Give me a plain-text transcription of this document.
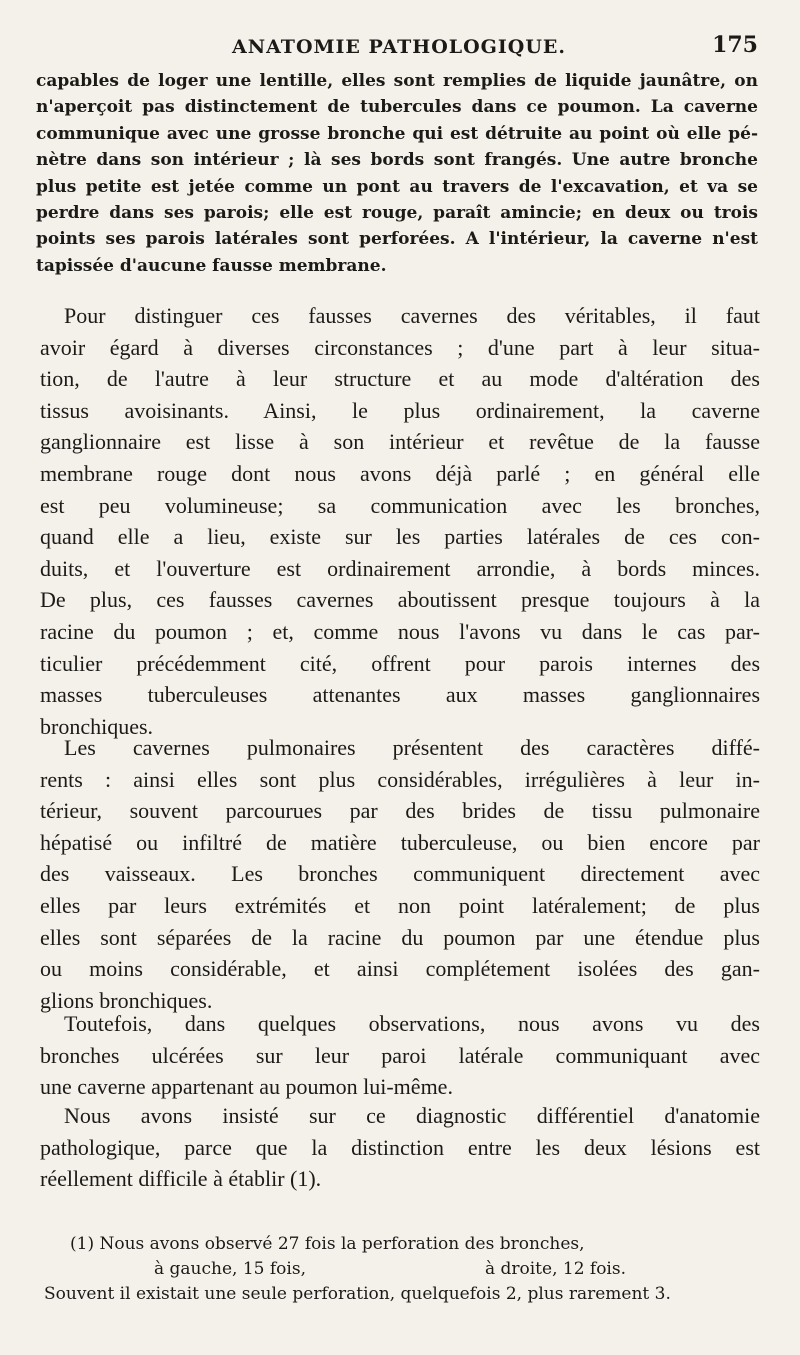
ANATOMIE PATHOLOGIQUE.	175
capables de loger une lentille, elles sont remplies de liquide jaunâtre, on
n'aperçoit pas distinctement de tubercules dans ce poumon. La caverne
communique avec une grosse bronche qui est détruite au point où elle pé-
nètre dans son intérieur ; là ses bords sont frangés. Une autre bronche
plus petite est jetée comme un pont au travers de l'excavation, et va se
perdre dans ses parois; elle est rouge, paraît amincie; en deux ou trois
points ses parois latérales sont perforées. A l'intérieur, la caverne n'est
tapissée d'aucune fausse membrane.
Pour distinguer ces fausses cavernes des véritables, il faut
avoir égard à diverses circonstances ; d'une part à leur situa-
tion, de l'autre à leur structure et au mode d'altération des
tissus avoisinants. Ainsi, le plus ordinairement, la caverne
ganglionnaire est lisse à son intérieur et revêtue de la fausse
membrane rouge dont nous avons déjà parlé ; en général elle
est peu volumineuse; sa communication avec les bronches,
quand elle a lieu, existe sur les parties latérales de ces con-
duits, et l'ouverture est ordinairement arrondie, à bords minces.
De plus, ces fausses cavernes aboutissent presque toujours à la
racine du poumon ; et, comme nous l'avons vu dans le cas par-
ticulier précédemment cité, offrent pour parois internes des
masses tuberculeuses attenantes aux masses ganglionnaires
bronchiques.
Les cavernes pulmonaires présentent des caractères diffé-
rents : ainsi elles sont plus considérables, irrégulières à leur in-
térieur, souvent parcourues par des brides de tissu pulmonaire
hépatisé ou infiltré de matière tuberculeuse, ou bien encore par
des vaisseaux. Les bronches communiquent directement avec
elles par leurs extrémités et non point latéralement; de plus
elles sont séparées de la racine du poumon par une étendue plus
ou moins considérable, et ainsi complétement isolées des gan-
glions bronchiques.
Toutefois, dans quelques observations, nous avons vu des
bronches ulcérées sur leur paroi latérale communiquant avec
une caverne appartenant au poumon lui-même.
Nous avons insisté sur ce diagnostic différentiel d'anatomie
pathologique, parce que la distinction entre les deux lésions est
réellement difficile à établir (1).
(1) Nous avons observé 27 fois la perforation des bronches,
à gauche, 15 fois,	à droite, 12 fois.
Souvent il existait une seule perforation, quelquefois 2, plus rarement 3.
